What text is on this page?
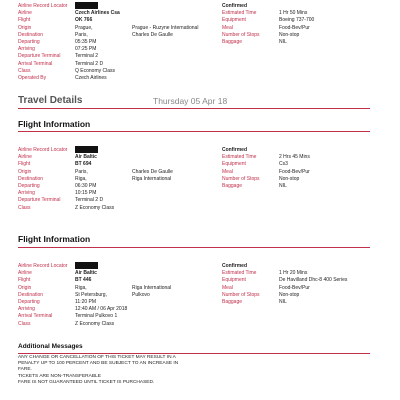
Airline Record Locator
Airline	Czech Airlines Csa
Flight	OK 766
Origin	Prague,	Prague - Ruzyne International
Destination	Paris,	Charles De Gaulle
Departing	05:35 PM
Arriving	07:25 PM
Departure Terminal	Terminal 2
Arrival Terminal	Terminal 2 D
Class	Q Economy Class
Operated By	Czech Airlines
Confirmed
Estimated Time	1 Hr 50 Mins
Equipment	Boeing 737-700
Meal	Food-Bev/Pur
Number of Stops	Non-stop
Baggage	NIL
Travel Details	Thursday 05 Apr 18
Flight Information
Airline Record Locator
Airline	Air Baltic
Flight	BT 694
Origin	Paris,	Charles De Gaulle
Destination	Riga,	Riga International
Departing	06:30 PM
Arriving	10:15 PM
Departure Terminal	Terminal 2 D
Class	Z Economy Class
Confirmed
Estimated Time	2 Hrs 45 Mins
Equipment	Cs3
Meal	Food-Bev/Pur
Number of Stops	Non-stop
Baggage	NIL
Flight Information
Airline Record Locator
Airline	Air Baltic
Flight	BT 446
Origin	Riga,	Riga International
Destination	St Petersburg,	Pulkovo
Departing	11:20 PM
Arriving	12:40 AM / 06 Apr 2018
Arrival Terminal	Terminal Pulkovo 1
Class	Z Economy Class
Confirmed
Estimated Time	1 Hr 20 Mins
Equipment	De Havilland Dhc-8 400 Series
Meal	Food-Bev/Pur
Number of Stops	Non-stop
Baggage	NIL
Additional Messages
ANY CHANGE OR CANCELLATION OF THIS TICKET MAY RESULT IN A
PENALTY UP TO 100 PERCENT AND BE SUBJECT TO AN INCREASE IN
FARE.
TICKETS ARE NON-TRANSFERABLE
FARE IS NOT GUARANTEED UNTIL TICKET IS PURCHASED.
